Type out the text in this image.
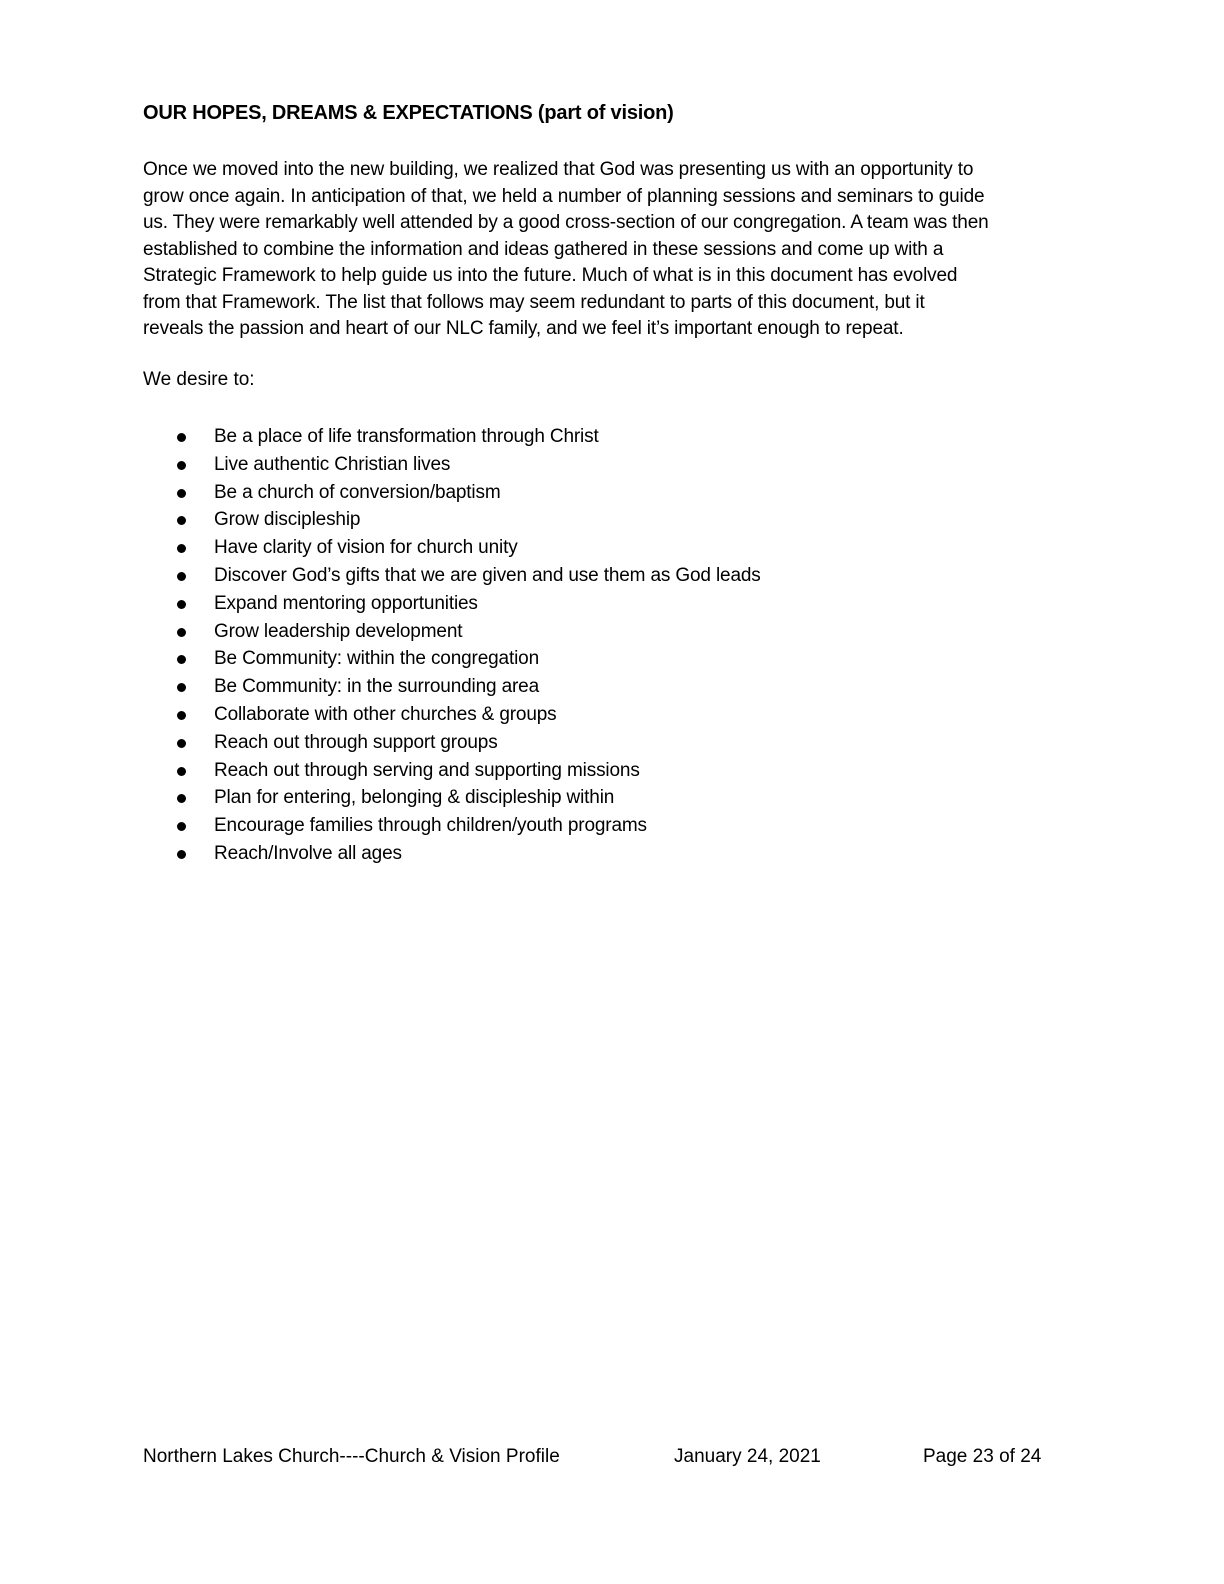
OUR HOPES, DREAMS & EXPECTATIONS (part of vision)

Once we moved into the new building, we realized that God was presenting us with an opportunity to
grow once again. In anticipation of that, we held a number of planning sessions and seminars to guide
us. They were remarkably well attended by a good cross-section of our congregation. A team was then
established to combine the information and ideas gathered in these sessions and come up with a
Strategic Framework to help guide us into the future. Much of what is in this document has evolved
from that Framework. The list that follows may seem redundant to parts of this document, but it
reveals the passion and heart of our NLC family, and we feel it’s important enough to repeat.

We desire to:
Be a place of life transformation through Christ
Live authentic Christian lives
Be a church of conversion/baptism
Grow discipleship
Have clarity of vision for church unity
Discover God’s gifts that we are given and use them as God leads
Expand mentoring opportunities
Grow leadership development
Be Community: within the congregation
Be Community: in the surrounding area
Collaborate with other churches & groups
Reach out through support groups
Reach out through serving and supporting missions
Plan for entering, belonging & discipleship within
Encourage families through children/youth programs
Reach/Involve all ages
Northern Lakes Church----Church & Vision Profile	January 24, 2021	Page 23 of 24
